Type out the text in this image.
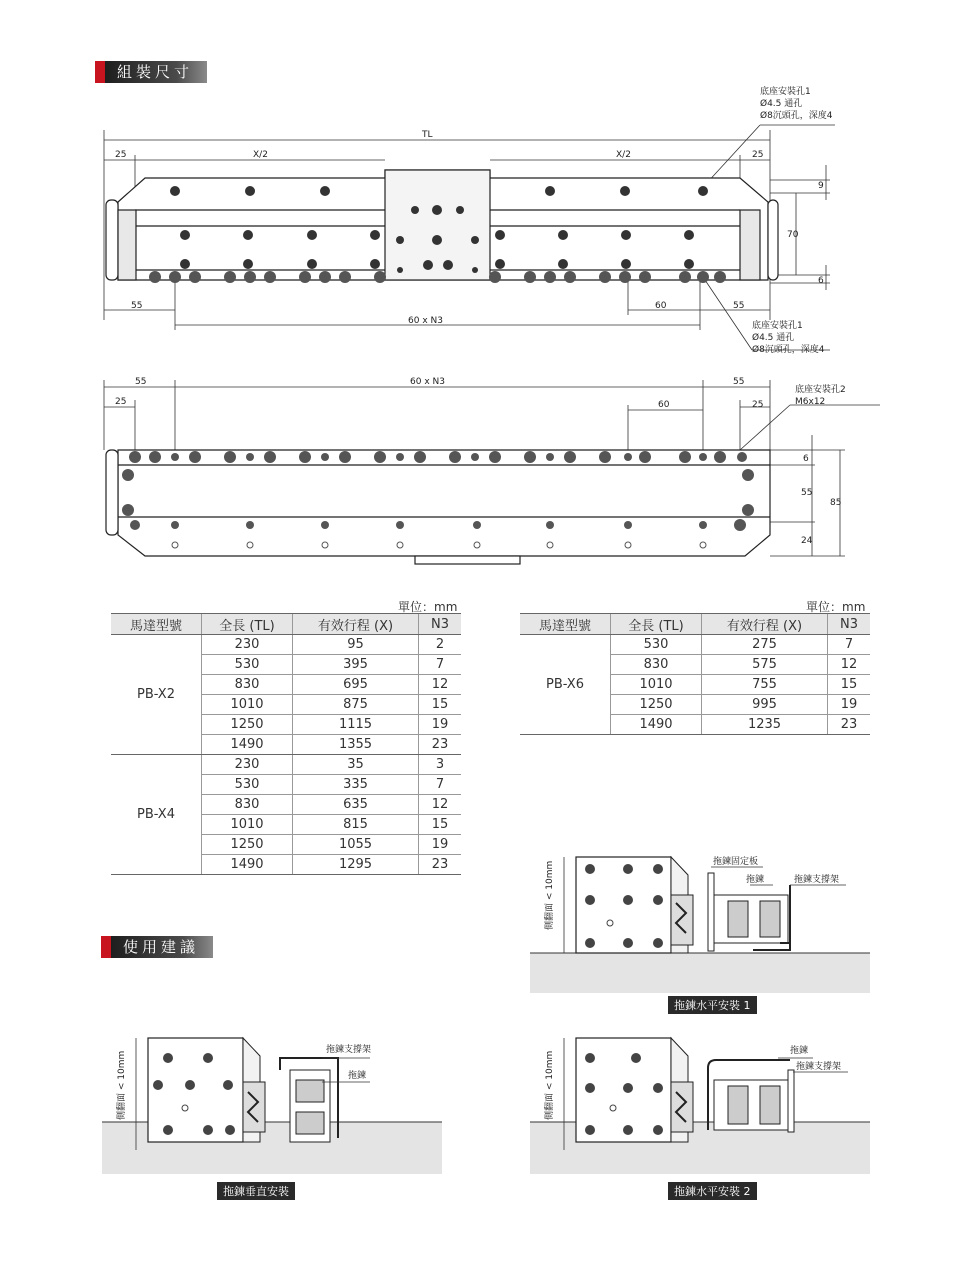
組裝尺寸
TL
25	X/2	X/2	25
55
60 x N3
60	55
9
70
6
底座安裝孔1
Ø4.5 通孔
Ø8沉頭孔，深度4
底座安裝孔1
Ø4.5 通孔
Ø8沉頭孔，深度4
55
25
60 x N3	55
60	25
6
55
85
24
底座安裝孔2
M6x12
單位：mm
馬達型號	全長 (TL)	有效行程 (X)	N3
PB-X2	230	95	2
	530	395	7
	830	695	12
	1010	875	15
	1250	1115	19
	1490	1355	23
PB-X4	230	35	3
	530	335	7
	830	635	12
	1010	815	15
	1250	1055	19
	1490	1295	23
單位：mm
馬達型號	全長 (TL)	有效行程 (X)	N3
PB-X6	530	275	7
	830	575	12
	1010	755	15
	1250	995	19
	1490	1235	23
使用建議
側翻面 < 10mm	拖鍊固定板
拖鍊	拖鍊支撐架
拖鍊水平安裝 1
側翻面 < 10mm
拖鍊支撐架
拖鍊
拖鍊垂直安裝
側翻面 < 10mm	拖鍊
拖鍊支撐架
拖鍊水平安裝 2
